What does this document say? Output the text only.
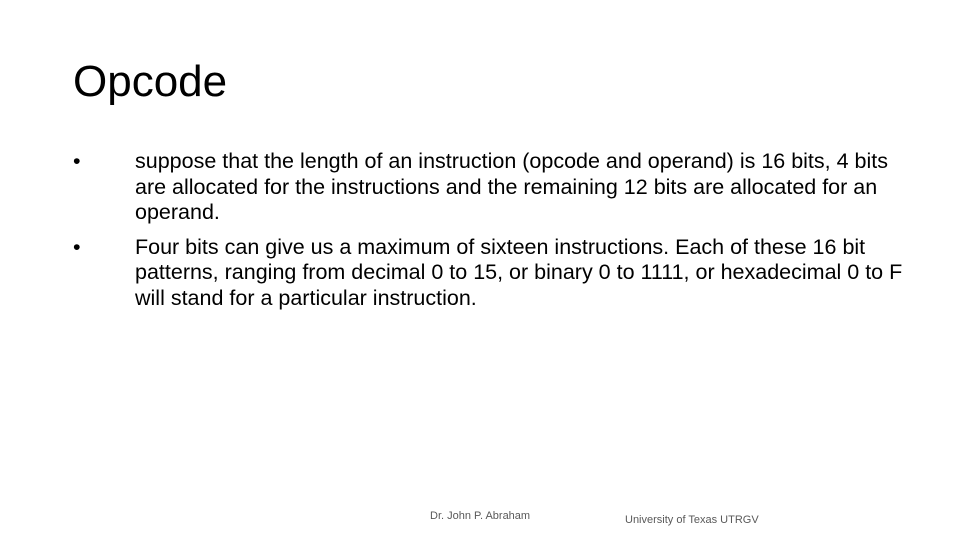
Opcode
•	suppose that the length of an instruction (opcode and operand) is 16 bits, 4 bits are allocated for the instructions and the remaining 12 bits are allocated for an operand.
•	Four bits can give us a maximum of sixteen instructions. Each of these 16 bit patterns, ranging from decimal 0 to 15, or binary 0 to 1111, or hexadecimal 0 to F will stand for a particular instruction.
Dr. John P. Abraham	University of Texas UTRGV
